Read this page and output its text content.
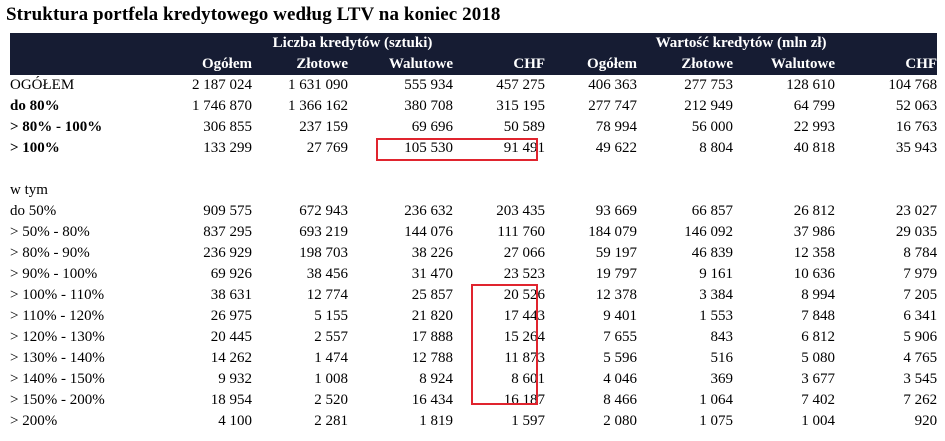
Struktura portfela kredytowego według LTV na koniec 2018
	Liczba kredytów (sztuki)				Wartość kredytów (mln zł)			
	Ogółem	Złotowe	Walutowe	CHF	Ogółem	Złotowe	Walutowe	CHF
OGÓŁEM	2 187 024	1 631 090	555 934	457 275	406 363	277 753	128 610	104 768
do 80%	1 746 870	1 366 162	380 708	315 195	277 747	212 949	64 799	52 063
> 80% - 100%	306 855	237 159	69 696	50 589	78 994	56 000	22 993	16 763
> 100%	133 299	27 769	105 530	91 491	49 622	8 804	40 818	35 943

w tym								
do 50%	909 575	672 943	236 632	203 435	93 669	66 857	26 812	23 027
> 50% - 80%	837 295	693 219	144 076	111 760	184 079	146 092	37 986	29 035
> 80% - 90%	236 929	198 703	38 226	27 066	59 197	46 839	12 358	8 784
> 90% - 100%	69 926	38 456	31 470	23 523	19 797	9 161	10 636	7 979
> 100% - 110%	38 631	12 774	25 857	20 526	12 378	3 384	8 994	7 205
> 110% - 120%	26 975	5 155	21 820	17 443	9 401	1 553	7 848	6 341
> 120% - 130%	20 445	2 557	17 888	15 264	7 655	843	6 812	5 906
> 130% - 140%	14 262	1 474	12 788	11 873	5 596	516	5 080	4 765
> 140% - 150%	9 932	1 008	8 924	8 601	4 046	369	3 677	3 545
> 150% - 200%	18 954	2 520	16 434	16 187	8 466	1 064	7 402	7 262
> 200%	4 100	2 281	1 819	1 597	2 080	1 075	1 004	920
